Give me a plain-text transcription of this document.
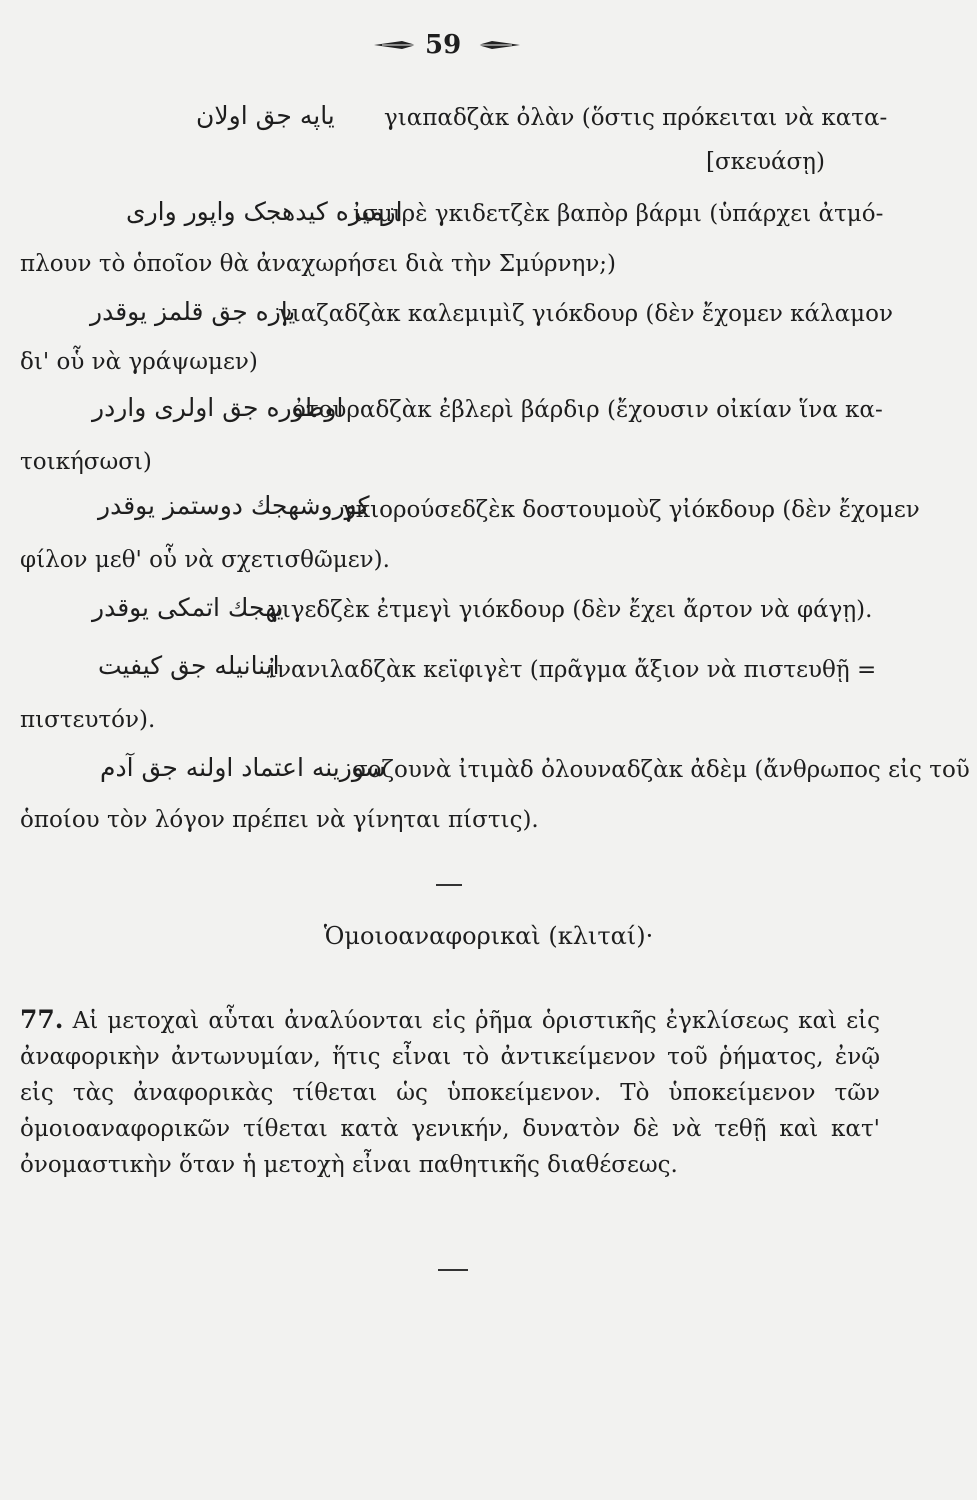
59
یاپه جق اولان γιαπαδζὰκ ὀλὰν (ὅστις πρόκειται νὰ κατα-
[σκευάσῃ)
ازمیره کیدهجک واپور واری
ἰσμιρὲ γκιδετζὲκ βαπὸρ βάρμι (ὑπάρχει ἀτμό-
πλουν τὸ ὁποῖον θὰ ἀναχωρήσει διὰ τὴν Σμύρνην;)
یازه جق قلمز یوقدر
γιαζαδζὰκ καλεμιμὶζ γιόκδουρ (δὲν ἔχομεν κάλαμον
δι' οὗ νὰ γράψωμεν)
اوطوره جق اولری واردر
ὀτουραδζὰκ ἐβλερὶ βάρδιρ (ἔχουσιν οἰκίαν ἵνα κα-
τοικήσωσι)
کوروشهجك دوستمز یوقدر
γκιορούσεδζὲκ δοστουμοὺζ γἰόκδουρ (δὲν ἔχομεν
φίλον μεθ' οὗ νὰ σχετισθῶμεν).
یهجك اتمکی یوقدر
γιγεδζὲκ ἐτμεγὶ γιόκδουρ (δὲν ἔχει ἄρτον νὰ φάγῃ).
اینانیله جق کیفیت
ἰνανιλαδζὰκ κεϊφιγὲτ (πρᾶγμα ἄξιον νὰ πιστευθῇ =
πιστευτόν).
سوزینه اعتماد اولنه جق آدم
σοζουνὰ ἰτιμὰδ ὀλουναδζὰκ ἀδὲμ (ἄνθρωπος εἰς τοῦ
ὁποίου τὸν λόγον πρέπει νὰ γίνηται πίστις).
Ὁμοιοαναφορικαὶ (κλιταί)·
77. Αἱ μετοχαὶ αὗται ἀναλύονται εἰς ῥῆμα ὁριστικῆς ἐγκλίσεως καὶ εἰς ἀναφορικὴν ἀντωνυμίαν, ἥτις εἶναι τὸ ἀντικείμενον τοῦ ῥήματος, ἐνῷ εἰς τὰς ἀναφορικὰς τίθεται ὡς ὑποκείμενον. Τὸ ὑποκείμενον τῶν ὁμοιοαναφορικῶν τίθεται κατὰ γενικήν, δυνατὸν δὲ νὰ τεθῇ καὶ κατ' ὀνομαστικὴν ὅταν ἡ μετοχὴ εἶναι παθητικῆς διαθέσεως.
